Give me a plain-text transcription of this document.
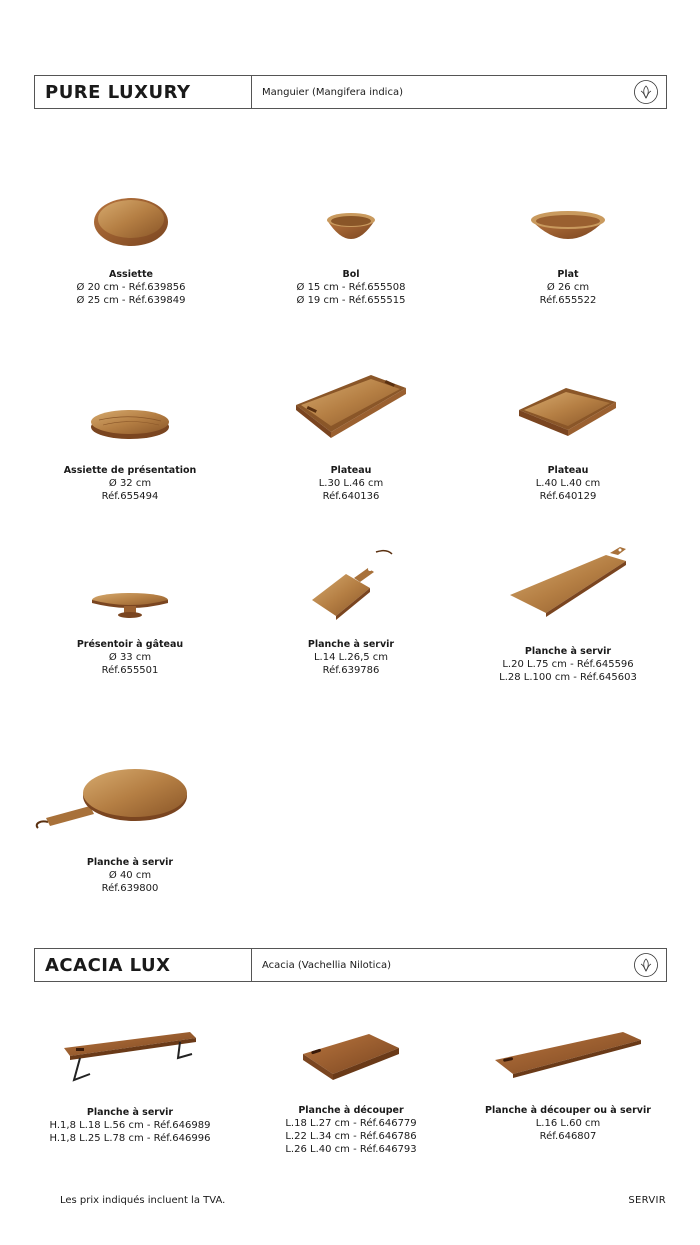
PURE LUXURY	Manguier (Mangifera indica)
Assiette
Ø 20 cm - Réf.639856
Ø 25 cm - Réf.639849
Bol
Ø 15 cm - Réf.655508
Ø 19 cm - Réf.655515
Plat
Ø 26 cm
Réf.655522
Assiette de présentation
Ø 32 cm
Réf.655494
Plateau
L.30 L.46 cm
Réf.640136
Plateau
L.40 L.40 cm
Réf.640129
Présentoir à gâteau
Ø 33 cm
Réf.655501
Planche à servir
L.14 L.26,5 cm
Réf.639786
Planche à servir
L.20 L.75 cm - Réf.645596
L.28 L.100 cm - Réf.645603
Planche à servir
Ø 40 cm
Réf.639800
ACACIA LUX	Acacia (Vachellia Nilotica)
Planche à servir
H.1,8 L.18 L.56 cm - Réf.646989
H.1,8 L.25 L.78 cm - Réf.646996
Planche à découper
L.18 L.27 cm - Réf.646779
L.22 L.34 cm - Réf.646786
L.26 L.40 cm - Réf.646793
Planche à découper ou à servir
L.16 L.60 cm
Réf.646807
Les prix indiqués incluent la TVA.	SERVIR
